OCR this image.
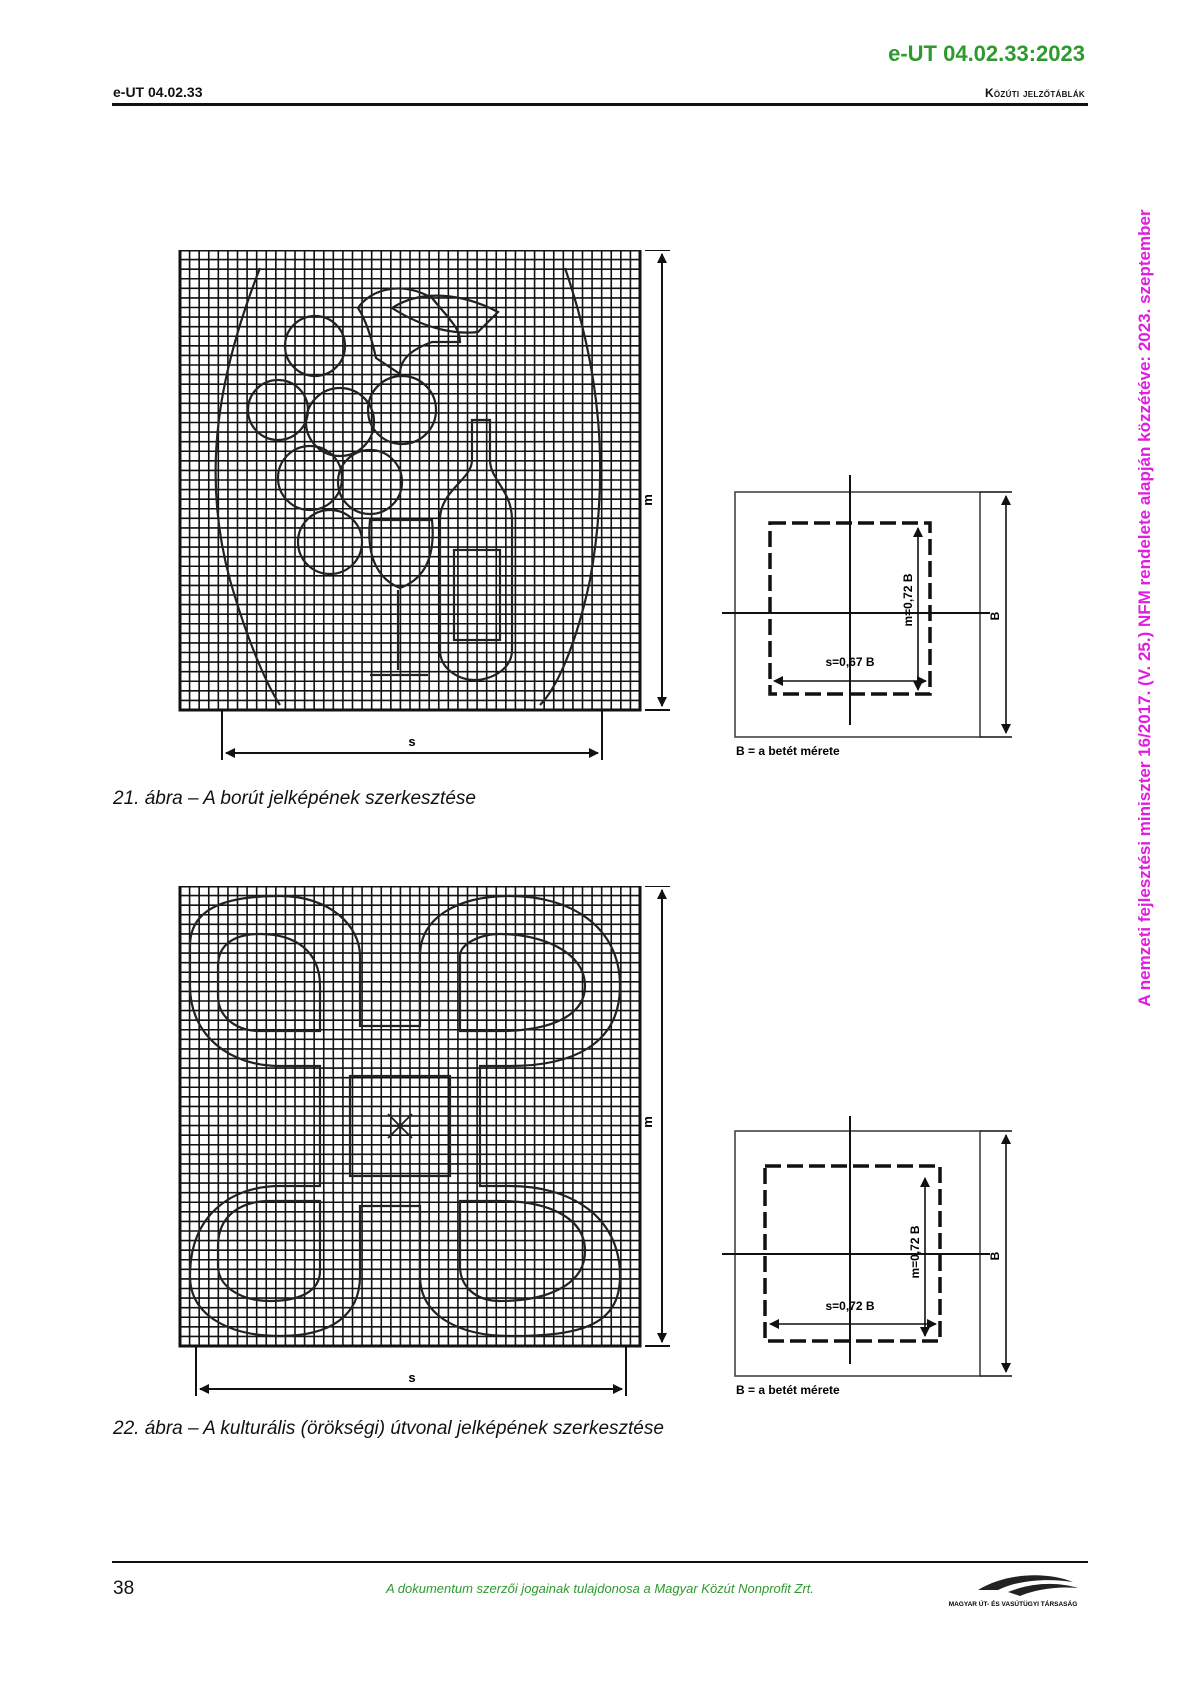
e-UT 04.02.33:2023
e-UT 04.02.33	Közúti jelzőtáblák
A nemzeti fejlesztési miniszter 16/2017. (V. 25.) NFM rendelete alapján közzétéve: 2023. szeptember
m
s
s=0,67 B
m=0,72 B	B
B = a betét mérete
21. ábra – A borút jelképének szerkesztése
m
s
s=0,72 B
m=0,72 B	B
B = a betét mérete
22. ábra – A kulturális (örökségi) útvonal jelképének szerkesztése
38	A dokumentum szerzői jogainak tulajdonosa a Magyar Közút Nonprofit Zrt.
MAGYAR ÚT- ÉS VASÚTÜGYI TÁRSASÁG
